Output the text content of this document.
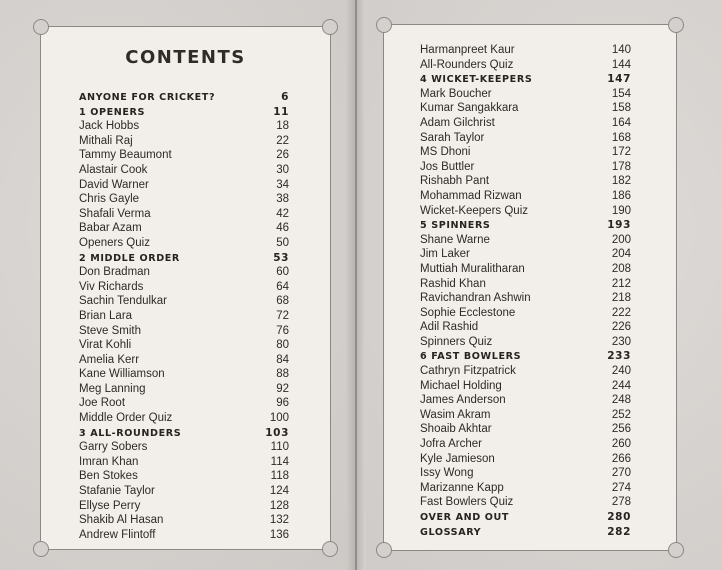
CONTENTS
ANYONE FOR CRICKET?	6
1 OPENERS	11
Jack Hobbs	18
Mithali Raj	22
Tammy Beaumont	26
Alastair Cook	30
David Warner	34
Chris Gayle	38
Shafali Verma	42
Babar Azam	46
Openers Quiz	50
2 MIDDLE ORDER	53
Don Bradman	60
Viv Richards	64
Sachin Tendulkar	68
Brian Lara	72
Steve Smith	76
Virat Kohli	80
Amelia Kerr	84
Kane Williamson	88
Meg Lanning	92
Joe Root	96
Middle Order Quiz	100
3 ALL-ROUNDERS	103
Garry Sobers	110
Imran Khan	114
Ben Stokes	118
Stafanie Taylor	124
Ellyse Perry	128
Shakib Al Hasan	132
Andrew Flintoff	136
Harmanpreet Kaur	140
All-Rounders Quiz	144
4 WICKET-KEEPERS	147
Mark Boucher	154
Kumar Sangakkara	158
Adam Gilchrist	164
Sarah Taylor	168
MS Dhoni	172
Jos Buttler	178
Rishabh Pant	182
Mohammad Rizwan	186
Wicket-Keepers Quiz	190
5 SPINNERS	193
Shane Warne	200
Jim Laker	204
Muttiah Muralitharan	208
Rashid Khan	212
Ravichandran Ashwin	218
Sophie Ecclestone	222
Adil Rashid	226
Spinners Quiz	230
6 FAST BOWLERS	233
Cathryn Fitzpatrick	240
Michael Holding	244
James Anderson	248
Wasim Akram	252
Shoaib Akhtar	256
Jofra Archer	260
Kyle Jamieson	266
Issy Wong	270
Marizanne Kapp	274
Fast Bowlers Quiz	278
OVER AND OUT	280
GLOSSARY	282
